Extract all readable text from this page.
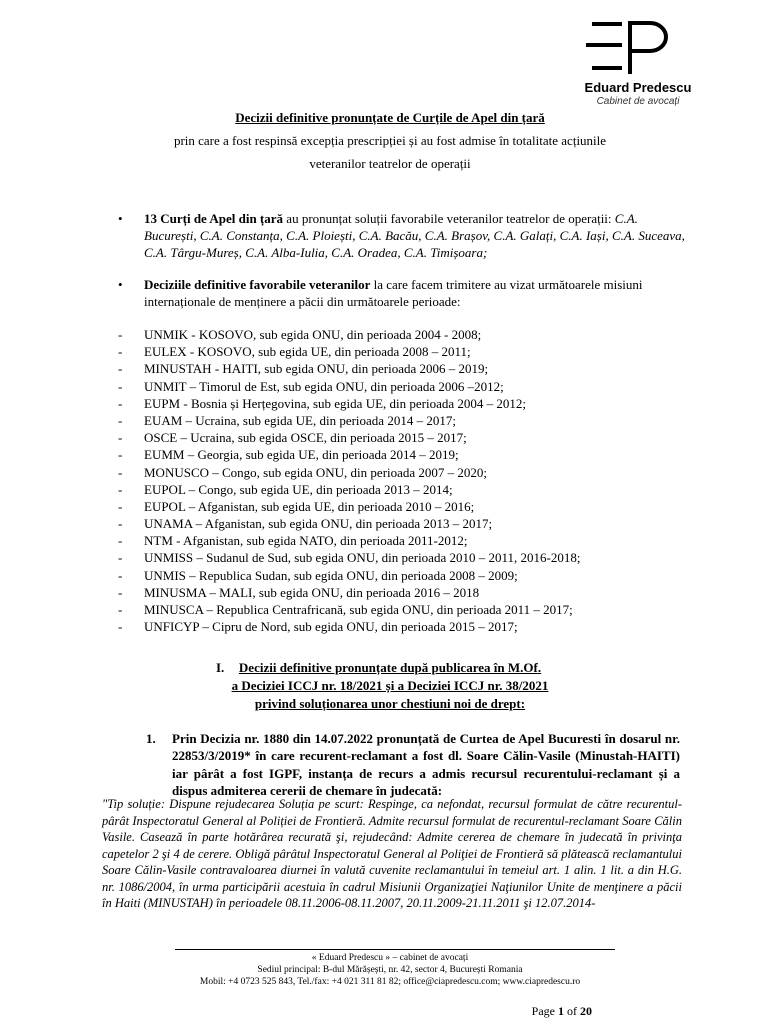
Eduard Predescu
Cabinet de avocați
Decizii definitive pronunțate de Curțile de Apel din țară
prin care a fost respinsă excepția prescripției și au fost admise în totalitate acțiunile
veteranilor teatrelor de operații
• 13 Curți de Apel din țară au pronunțat soluții favorabile veteranilor teatrelor de operații: C.A. București, C.A. Constanța, C.A. Ploiești, C.A. Bacău, C.A. Brașov, C.A. Galați, C.A. Iași, C.A. Suceava, C.A. Târgu-Mureș, C.A. Alba-Iulia, C.A. Oradea, C.A. Timișoara;
• Deciziile definitive favorabile veteranilor la care facem trimitere au vizat următoarele misiuni internaționale de menținere a păcii din următoarele perioade:
- UNMIK - KOSOVO, sub egida ONU, din perioada 2004 - 2008;
- EULEX - KOSOVO, sub egida UE, din perioada 2008 – 2011;
- MINUSTAH - HAITI, sub egida ONU, din perioada 2006 – 2019;
- UNMIT – Timorul de Est, sub egida ONU, din perioada 2006 –2012;
- EUPM - Bosnia și Herțegovina, sub egida UE, din perioada 2004 – 2012;
- EUAM – Ucraina, sub egida UE, din perioada 2014 – 2017;
- OSCE – Ucraina, sub egida OSCE, din perioada 2015 – 2017;
- EUMM – Georgia, sub egida UE, din perioada 2014 – 2019;
- MONUSCO – Congo, sub egida ONU, din perioada 2007 – 2020;
- EUPOL – Congo, sub egida UE, din perioada 2013 – 2014;
- EUPOL – Afganistan, sub egida UE, din perioada 2010 – 2016;
- UNAMA – Afganistan, sub egida ONU, din perioada 2013 – 2017;
- NTM - Afganistan, sub egida NATO, din perioada 2011-2012;
- UNMISS – Sudanul de Sud, sub egida ONU, din perioada 2010 – 2011, 2016-2018;
- UNMIS – Republica Sudan, sub egida ONU, din perioada 2008 – 2009;
- MINUSMA – MALI, sub egida ONU, din perioada 2016 – 2018
- MINUSCA – Republica Centrafricană, sub egida ONU, din perioada 2011 – 2017;
- UNFICYP – Cipru de Nord, sub egida ONU, din perioada 2015 – 2017;
I. Decizii definitive pronunțate după publicarea în M.Of.
a Deciziei ICCJ nr. 18/2021 și a Deciziei ICCJ nr. 38/2021
privind soluționarea unor chestiuni noi de drept:
1. Prin Decizia nr. 1880 din 14.07.2022 pronunțată de Curtea de Apel Bucuresti în dosarul nr. 22853/3/2019* în care recurent-reclamant a fost dl. Soare Călin-Vasile (Minustah-HAITI) iar pârât a fost IGPF, instanța de recurs a admis recursul recurentului-reclamant și a dispus admiterea cererii de chemare în judecată:
"Tip soluție: Dispune rejudecarea Soluția pe scurt: Respinge, ca nefondat, recursul formulat de către recurentul-pârât Inspectoratul General al Poliției de Frontieră. Admite recursul formulat de recurentul-reclamant Soare Călin Vasile. Casează în parte hotărârea recurată şi, rejudecând: Admite cererea de chemare în judecată în privinţa capetelor 2 şi 4 de cerere. Obligă pârâtul Inspectoratul General al Poliţiei de Frontieră să plătească reclamantului Soare Călin-Vasile contravaloarea diurnei în valută cuvenite reclamantului în temeiul art. 1 alin. 1 lit. a din H.G. nr. 1086/2004, în urma participării acestuia în cadrul Misiunii Organizaţiei Naţiunilor Unite de menţinere a păcii în Haiti (MINUSTAH) în perioadele 08.11.2006-08.11.2007, 20.11.2009-21.11.2011 şi 12.07.2014-
« Eduard Predescu » – cabinet de avocați
Sediul principal: B-dul Mărășești, nr. 42, sector 4, București Romania
Mobil: +4 0723 525 843, Tel./fax: +4 021 311 81 82; office@ciapredescu.com; www.ciapredescu.ro
Page 1 of 20
